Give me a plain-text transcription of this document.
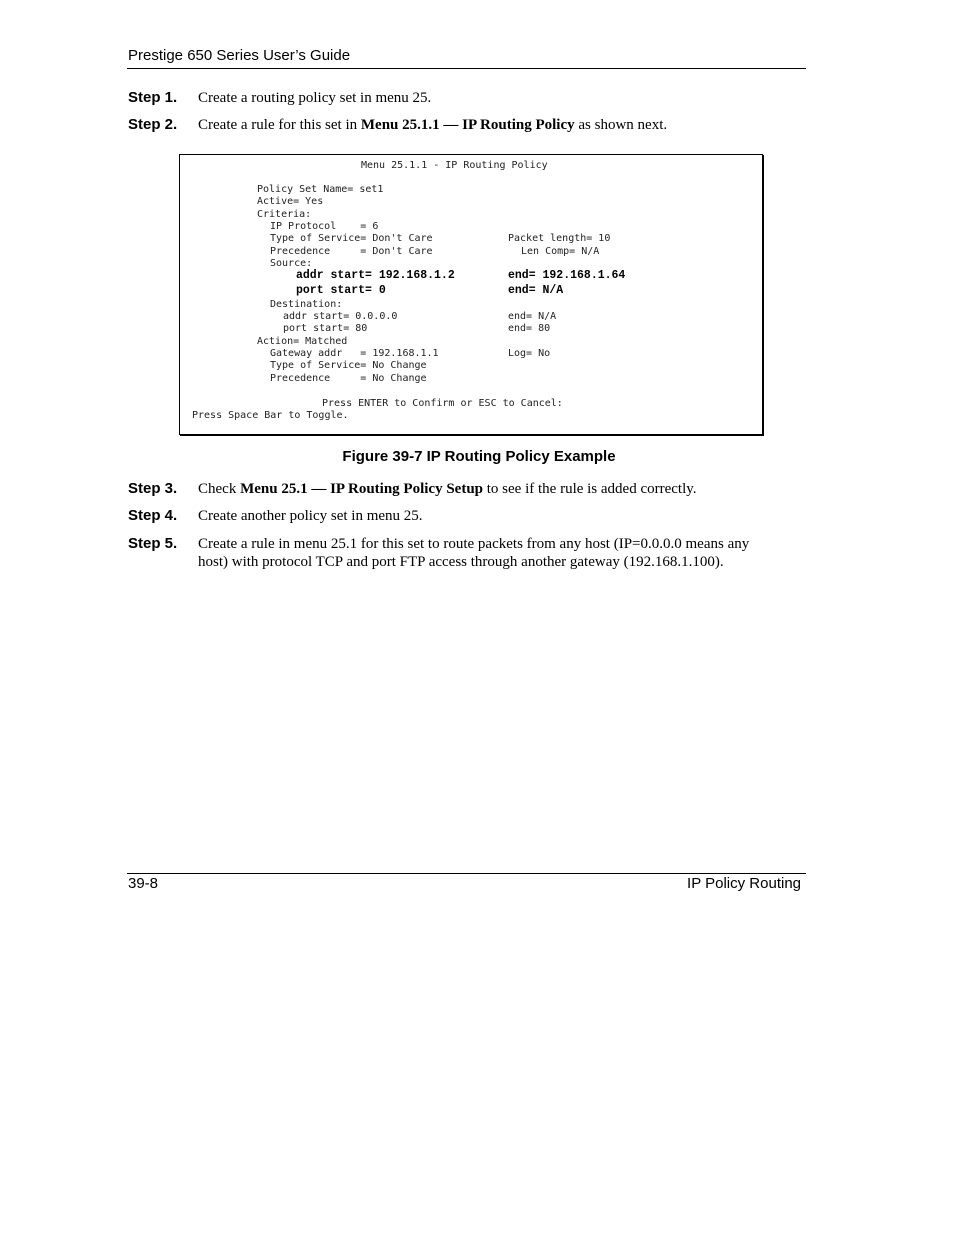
Prestige 650 Series User’s Guide
Step 1. Create a routing policy set in menu 25.
Step 2. Create a rule for this set in Menu 25.1.1 — IP Routing Policy as shown next.
Menu 25.1.1 - IP Routing Policy
Policy Set Name= set1
Active= Yes
Criteria:
IP Protocol    = 6
Type of Service= Don't Care	Packet length= 10
Precedence     = Don't Care	Len Comp= N/A
Source:
addr start= 192.168.1.2	end= 192.168.1.64
port start= 0	end= N/A
Destination:
addr start= 0.0.0.0	end= N/A
port start= 80	end= 80
Action= Matched
Gateway addr   = 192.168.1.1	Log= No
Type of Service= No Change
Precedence     = No Change
Press ENTER to Confirm or ESC to Cancel:
Press Space Bar to Toggle.
Figure 39-7 IP Routing Policy Example
Step 3. Check Menu 25.1 — IP Routing Policy Setup to see if the rule is added correctly.
Step 4. Create another policy set in menu 25.
Step 5. Create a rule in menu 25.1 for this set to route packets from any host (IP=0.0.0.0 means any host) with protocol TCP and port FTP access through another gateway (192.168.1.100).
39-8	IP Policy Routing
